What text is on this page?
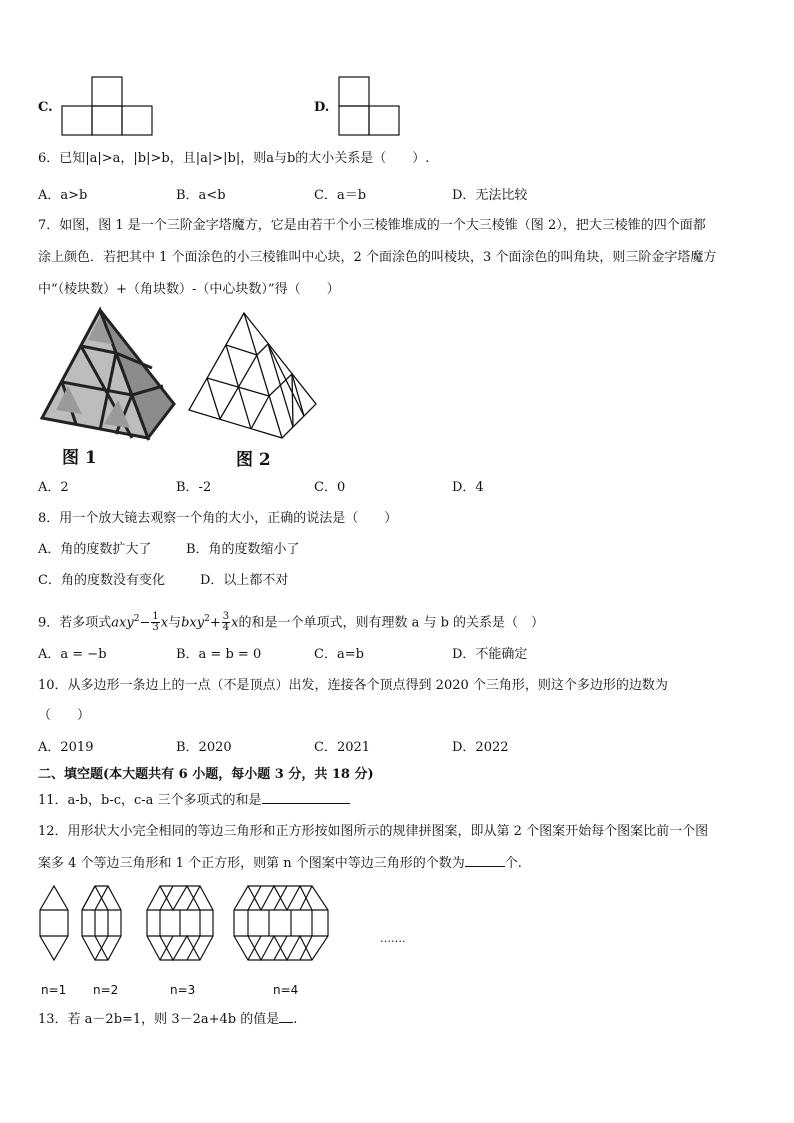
C.	D.
6．已知|a|>a，|b|>b，且|a|>|b|，则a与b的大小关系是（　　）.
A．a>b	B．a<b	C．a＝b	D．无法比较
7．如图，图 1 是一个三阶金字塔魔方，它是由若干个小三棱锥堆成的一个大三棱锥（图 2），把大三棱锥的四个面都
涂上颜色．若把其中 1 个面涂色的小三棱锥叫中心块，2 个面涂色的叫棱块，3 个面涂色的叫角块，则三阶金字塔魔方
中“（棱块数）+（角块数）-（中心块数）”得（　　）
图 1	图 2
A．2	B．-2	C．0	D．4
8．用一个放大镜去观察一个角的大小，正确的说法是（　　）
A．角的度数扩大了	B．角的度数缩小了
C．角的度数没有变化	D．以上都不对
9．若多项式$axy^2- \frac{1}{3}$ x与$bxy^2+ \frac{3}{4}$ x的和是一个单项式，则有理数 a 与 b 的关系是（　）
A．a = −b	B．a = b = 0	C．a=b	D．不能确定
10．从多边形一条边上的一点（不是顶点）出发，连接各个顶点得到 2020 个三角形，则这个多边形的边数为
（　　）
A．2019	B．2020	C．2021	D．2022
二、填空题(本大题共有 6 小题，每小题 3 分，共 18 分)
11．a-b，b-c，c-a 三个多项式的和是
12．用形状大小完全相同的等边三角形和正方形按如图所示的规律拼图案，即从第 2 个图案开始每个图案比前一个图
案多 4 个等边三角形和 1 个正方形，则第 n 个图案中等边三角形的个数为	个.
…….
n=1 n=2	n=3	n=4
13．若 a－2b=1，则 3－2a+4b 的值是 .
